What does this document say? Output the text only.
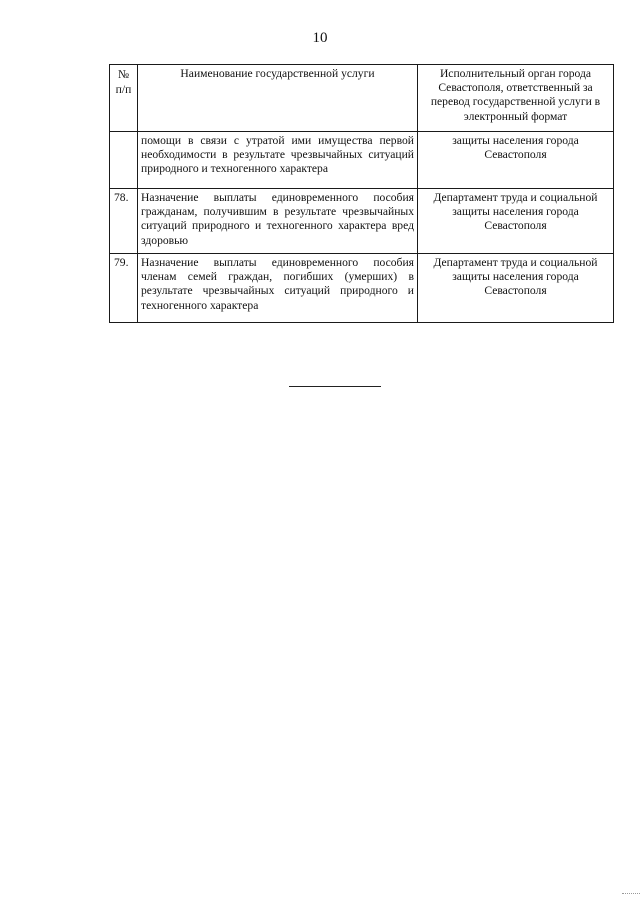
10
№ п/п	Наименование государственной услуги	Исполнительный орган города Севастополя, ответственный за перевод государственной услуги в электронный формат
	помощи в связи с утратой ими имущества первой необходимости в результате чрезвычайных ситуаций природного и техногенного характера	защиты населения города Севастополя
78.	Назначение выплаты единовременного пособия гражданам, получившим в результате чрезвычайных ситуаций природного и техногенного характера вред здоровью	Департамент труда и социальной защиты населения города Севастополя
79.	Назначение выплаты единовременного пособия членам семей граждан, погибших (умерших) в результате чрезвычайных ситуаций природного и техногенного характера	Департамент труда и социальной защиты населения города Севастополя
